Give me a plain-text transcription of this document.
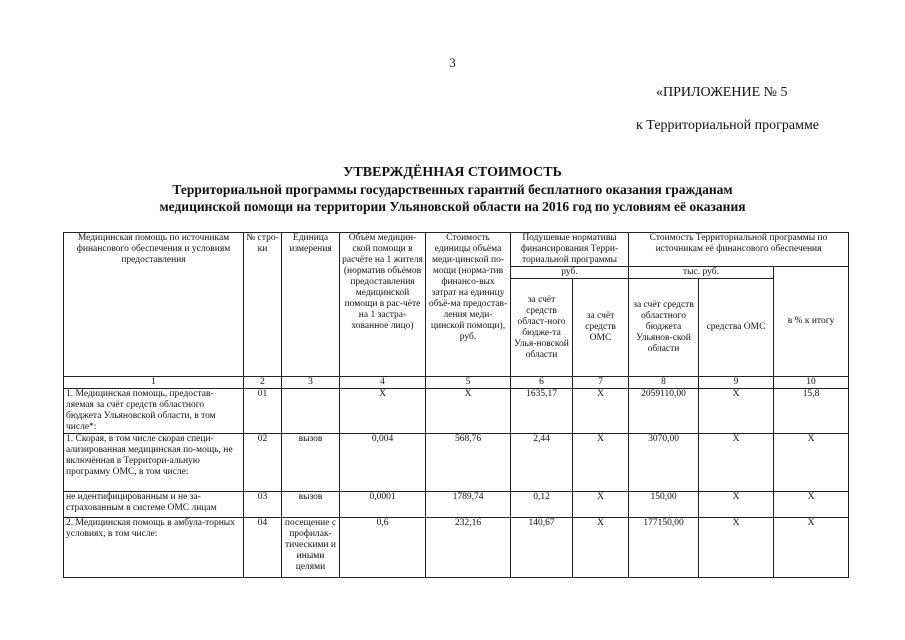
3
«ПРИЛОЖЕНИЕ № 5
к Территориальной программе
УТВЕРЖДЁННАЯ СТОИМОСТЬ
Территориальной программы государственных гарантий бесплатного оказания гражданам
медицинской помощи на территории Ульяновской области на 2016 год по условиям её оказания
Медицинская помощь по источникам финансового обеспечения и условиям предоставления	№ стро-ки	Единица измерения	Объём медицин-ской помощи в расчёте на 1 жителя (норматив объёмов предоставления медицинской помощи в рас-чёте на 1 застра-хованное лицо)	Стоимость единицы объёма меди-цинской по-мощи (норма-тив финансо-вых затрат на единицу объё-ма предостав-ления меди-цинской помощи), руб.	Подушевые нормативы финансирования Терри-ториальной программы		Стоимость Территориальной программы по источникам её финансового обеспечения		
					руб.		тыс. руб.		в % к итогу
					за счёт средств област-ного бюдже-та Улья-новской области	за счёт средств ОМС	за счёт средств областного бюджета Ульянов-ской области	средства ОМС	
1	2	3	4	5	6	7	8	9	10
1. Медицинская помощь, предостав-ляемая за счёт средств областного бюджета Ульяновской области, в том числе*:	01		Х	Х	1635,17	Х	2059110,00	Х	15,8
1. Скорая, в том числе скорая специ-ализированная медицинская по-мощь, не включённая в Территори-альную программу ОМС, в том числе:	02	вызов	0,004	568,76	2,44	Х	3070,00	Х	Х
не идентифицированным и не за-страхованным в системе ОМС лицам	03	вызов	0,0001	1789,74	0,12	Х	150,00	Х	Х
2. Медицинская помощь в амбула-торных условиях, в том числе:	04	посещение с профилак-тическими и иными целями	0,6	232,16	140,67	Х	177150,00	Х	Х
